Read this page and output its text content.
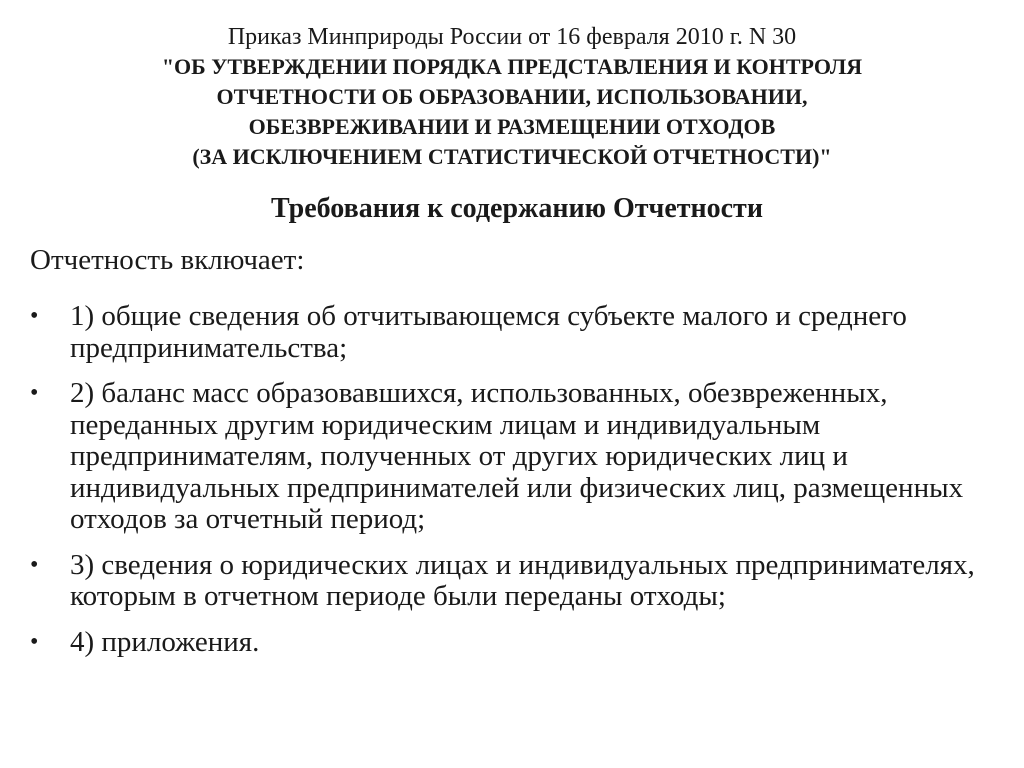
Приказ Минприроды России от 16 февраля 2010 г. N 30
"ОБ УТВЕРЖДЕНИИ ПОРЯДКА ПРЕДСТАВЛЕНИЯ И КОНТРОЛЯ
ОТЧЕТНОСТИ ОБ ОБРАЗОВАНИИ, ИСПОЛЬЗОВАНИИ,
ОБЕЗВРЕЖИВАНИИ И РАЗМЕЩЕНИИ ОТХОДОВ
(ЗА ИСКЛЮЧЕНИЕМ СТАТИСТИЧЕСКОЙ ОТЧЕТНОСТИ)"
Требования к содержанию Отчетности
Отчетность включает:
• 1) общие сведения об отчитывающемся субъекте малого и среднего предпринимательства;
• 2) баланс масс образовавшихся, использованных, обезвреженных, переданных другим юридическим лицам и индивидуальным предпринимателям, полученных от других юридических лиц и индивидуальных предпринимателей или физических лиц, размещенных отходов за отчетный период;
• 3) сведения о юридических лицах и индивидуальных предпринимателях, которым в отчетном периоде были переданы отходы;
• 4) приложения.
